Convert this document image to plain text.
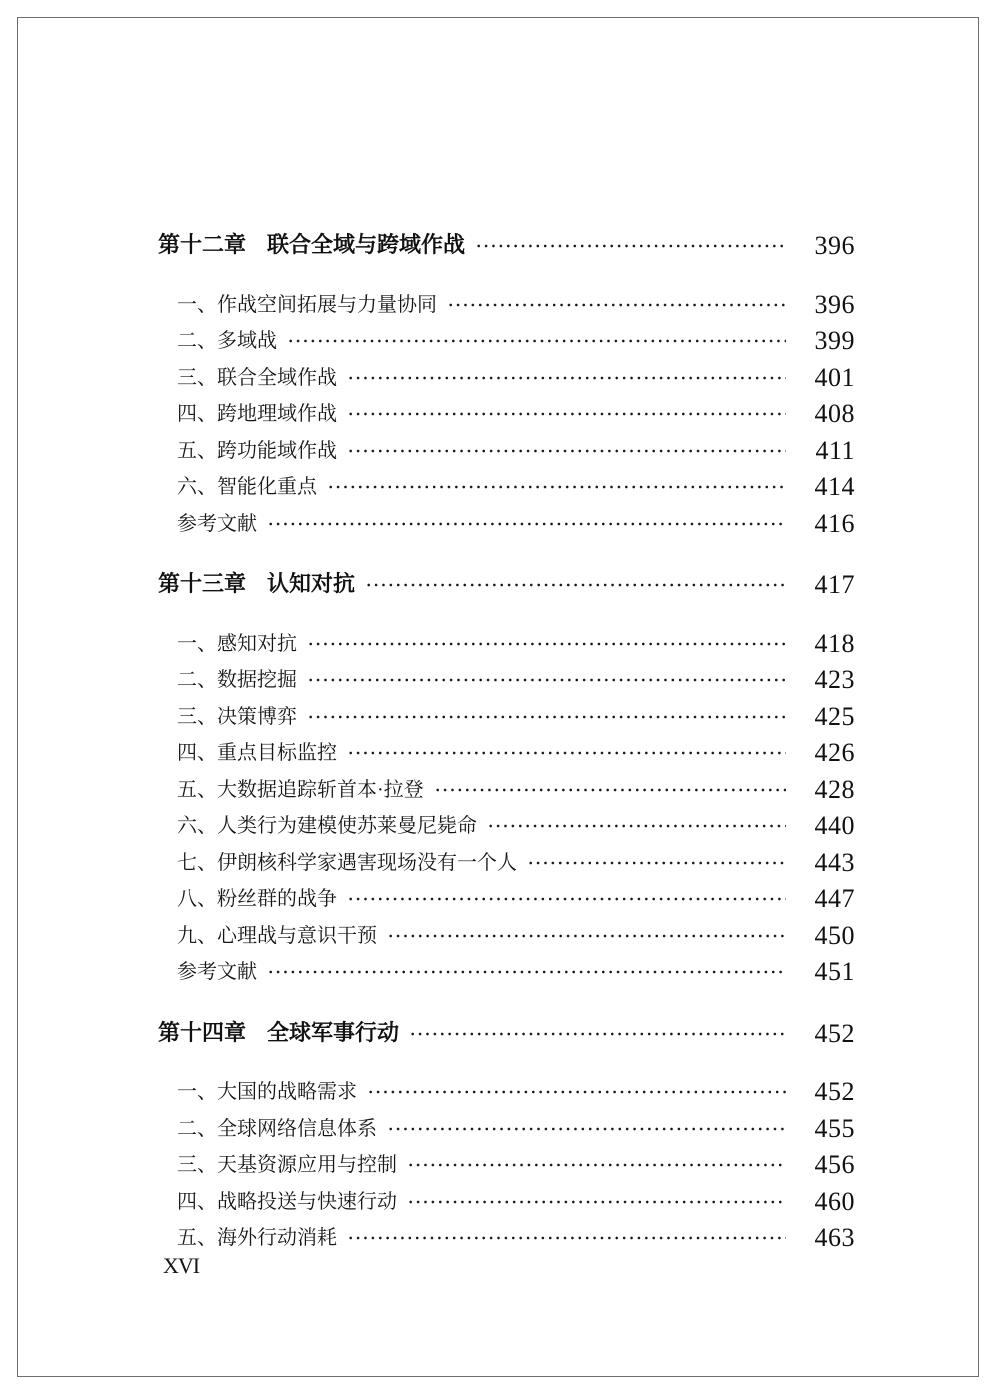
第十二章 联合全域与跨域作战	396
一、作战空间拓展与力量协同	396
二、多域战	399
三、联合全域作战	401
四、跨地理域作战	408
五、跨功能域作战	411
六、智能化重点	414
参考文献	416
第十三章 认知对抗	417
一、感知对抗	418
二、数据挖掘	423
三、决策博弈	425
四、重点目标监控	426
五、大数据追踪斩首本·拉登	428
六、人类行为建模使苏莱曼尼毙命	440
七、伊朗核科学家遇害现场没有一个人	443
八、粉丝群的战争	447
九、心理战与意识干预	450
参考文献	451
第十四章 全球军事行动	452
一、大国的战略需求	452
二、全球网络信息体系	455
三、天基资源应用与控制	456
四、战略投送与快速行动	460
五、海外行动消耗	463
XVI
